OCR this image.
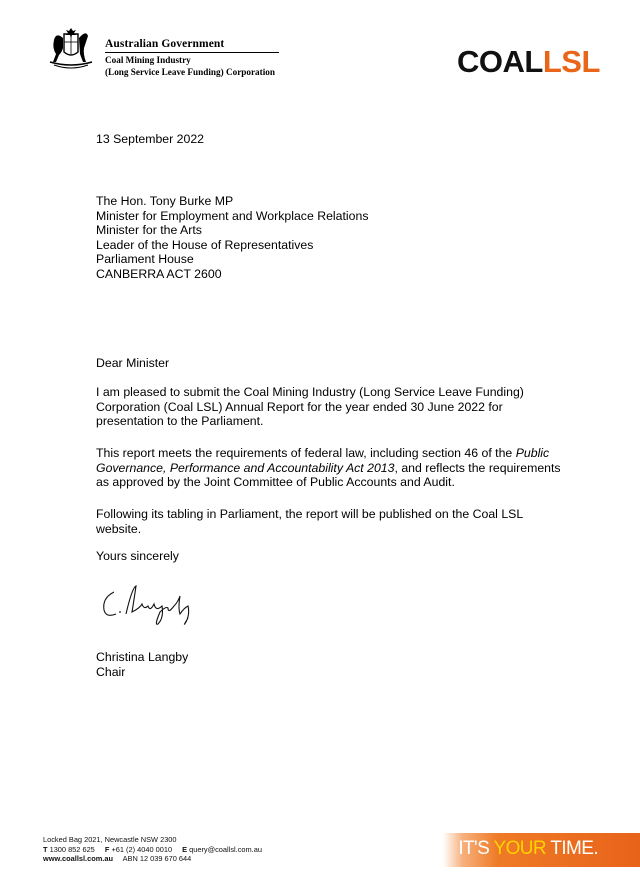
Australian Government
Coal Mining Industry
(Long Service Leave Funding) Corporation	COALLSL
13 September 2022
The Hon. Tony Burke MP
Minister for Employment and Workplace Relations
Minister for the Arts
Leader of the House of Representatives
Parliament House
CANBERRA ACT 2600
Dear Minister
I am pleased to submit the Coal Mining Industry (Long Service Leave Funding) Corporation (Coal LSL) Annual Report for the year ended 30 June 2022 for presentation to the Parliament.
This report meets the requirements of federal law, including section 46 of the Public Governance, Performance and Accountability Act 2013, and reflects the requirements as approved by the Joint Committee of Public Accounts and Audit.
Following its tabling in Parliament, the report will be published on the Coal LSL website.
Yours sincerely
Christina Langby
Chair
Locked Bag 2021, Newcastle NSW 2300
T 1300 852 625 F +61 (2) 4040 0010 E query@coallsl.com.au
www.coallsl.com.au ABN 12 039 670 644	IT'S YOUR TIME.
